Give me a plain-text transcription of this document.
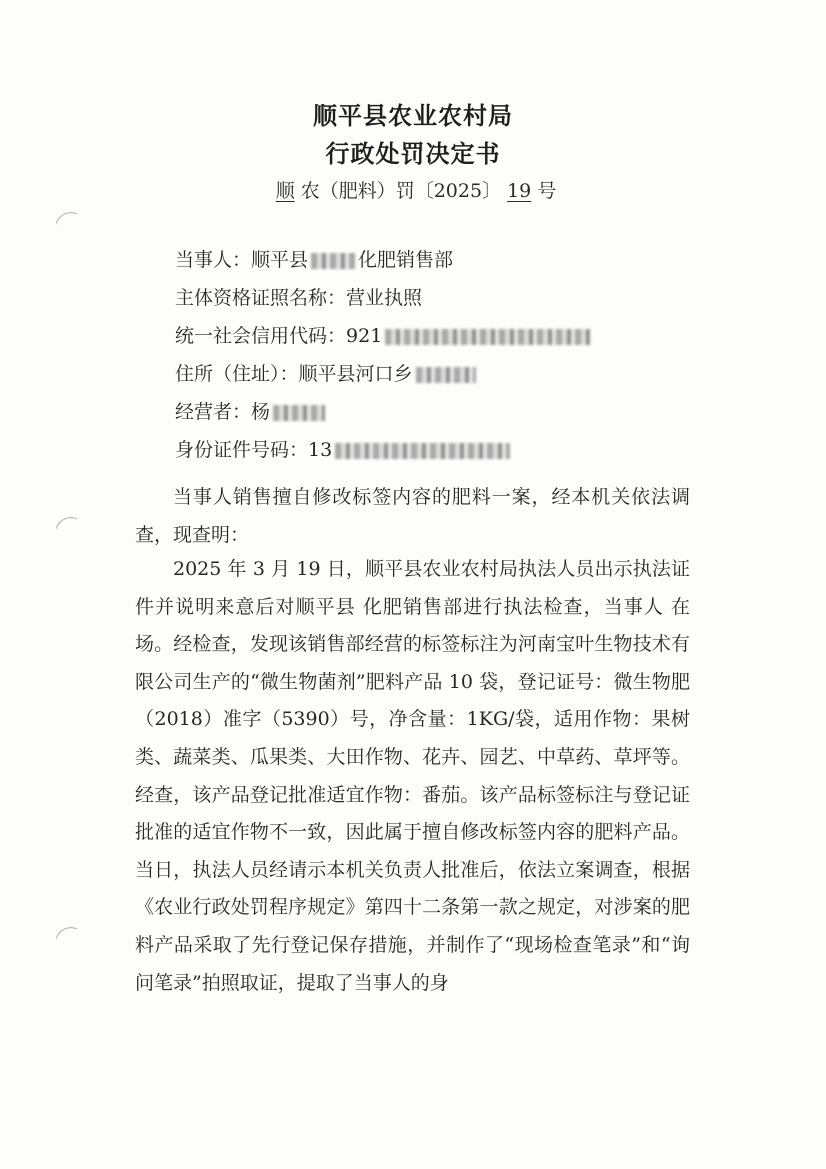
顺平县农业农村局
行政处罚决定书
顺 农（肥料）罚〔2025〕 19 号
当事人：顺平县	化肥销售部
主体资格证照名称：营业执照
统一社会信用代码：921
住所（住址）：顺平县河口乡
经营者：杨
身份证件号码：13
当事人销售擅自修改标签内容的肥料一案，经本机关依法调查，现查明：
2025 年 3 月 19 日，顺平县农业农村局执法人员出示执法证件并说明来意后对顺平县 化肥销售部进行执法检查，当事人 在场。经检查，发现该销售部经营的标签标注为河南宝叶生物技术有限公司生产的“微生物菌剂”肥料产品 10 袋，登记证号：微生物肥（2018）准字（5390）号，净含量：1KG/袋，适用作物：果树类、蔬菜类、瓜果类、大田作物、花卉、园艺、中草药、草坪等。经查，该产品登记批准适宜作物：番茄。该产品标签标注与登记证批准的适宜作物不一致，因此属于擅自修改标签内容的肥料产品。当日，执法人员经请示本机关负责人批准后，依法立案调查，根据《农业行政处罚程序规定》第四十二条第一款之规定，对涉案的肥料产品采取了先行登记保存措施，并制作了“现场检查笔录”和“询问笔录”拍照取证，提取了当事人的身
